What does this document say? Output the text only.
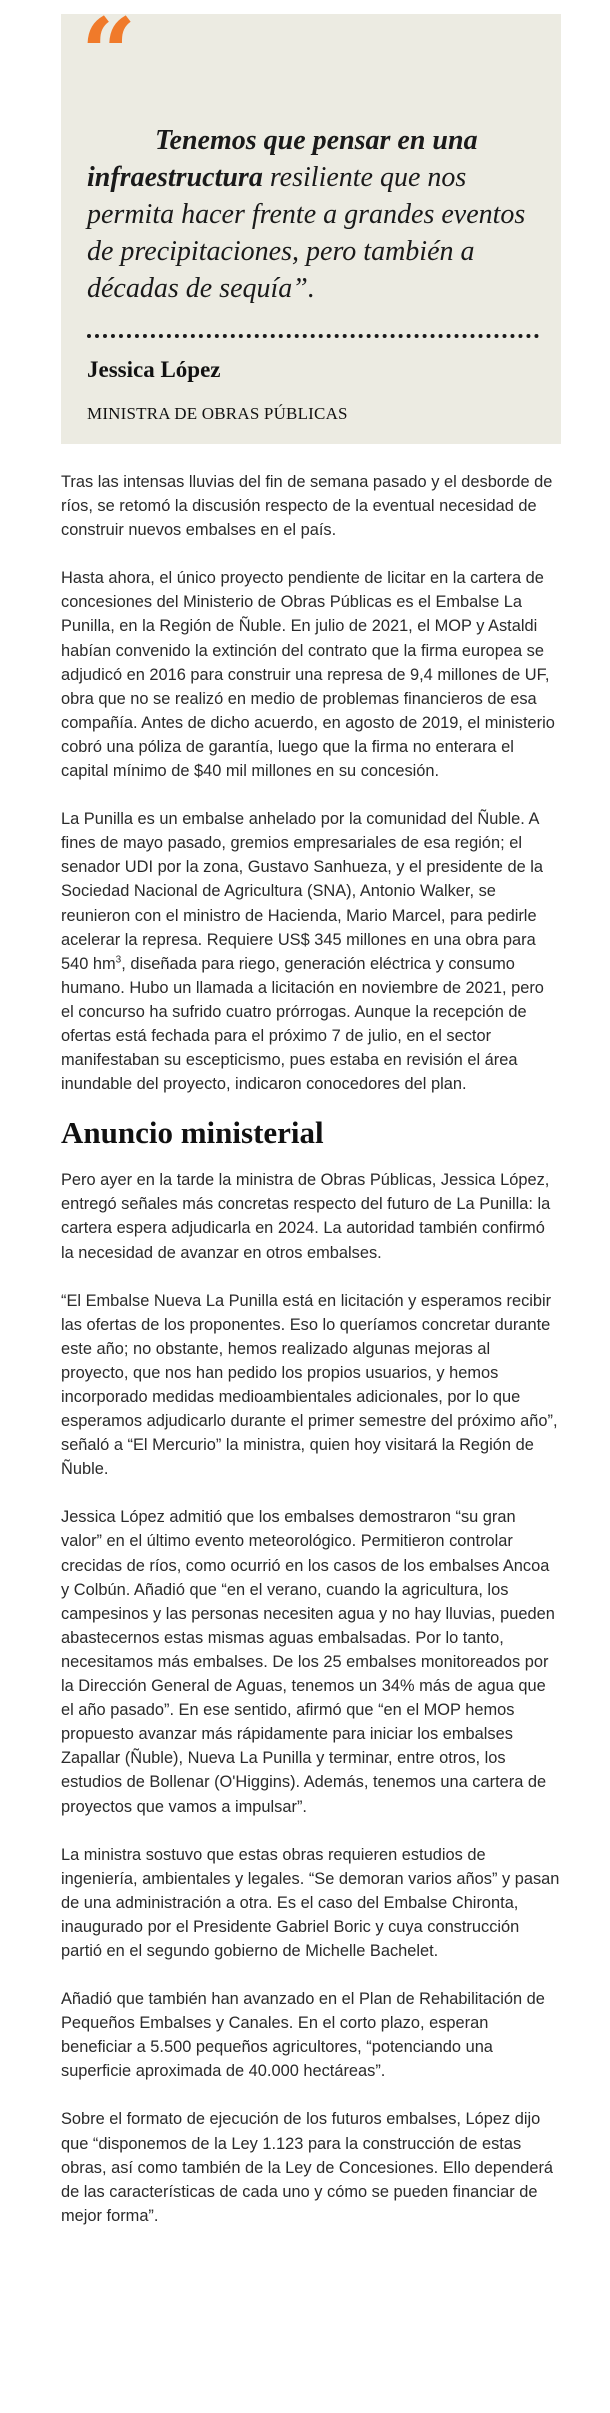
“
Tenemos que pensar en una infraestructura resiliente que nos permita hacer frente a grandes eventos de precipitaciones, pero también a décadas de sequía”.
Jessica López
MINISTRA DE OBRAS PÚBLICAS

Tras las intensas lluvias del fin de semana pasado y el desborde de ríos, se retomó la discusión respecto de la eventual necesidad de construir nuevos embalses en el país.

Hasta ahora, el único proyecto pendiente de licitar en la cartera de concesiones del Ministerio de Obras Públicas es el Embalse La Punilla, en la Región de Ñuble. En julio de 2021, el MOP y Astaldi habían convenido la extinción del contrato que la firma europea se adjudicó en 2016 para construir una represa de 9,4 millones de UF, obra que no se realizó en medio de problemas financieros de esa compañía. Antes de dicho acuerdo, en agosto de 2019, el ministerio cobró una póliza de garantía, luego que la firma no enterara el capital mínimo de $40 mil millones en su concesión.

La Punilla es un embalse anhelado por la comunidad del Ñuble. A fines de mayo pasado, gremios empresariales de esa región; el senador UDI por la zona, Gustavo Sanhueza, y el presidente de la Sociedad Nacional de Agricultura (SNA), Antonio Walker, se reunieron con el ministro de Hacienda, Mario Marcel, para pedirle acelerar la represa. Requiere US$ 345 millones en una obra para 540 $hm^3$, diseñada para riego, generación eléctrica y consumo humano. Hubo un llamada a licitación en noviembre de 2021, pero el concurso ha sufrido cuatro prórrogas. Aunque la recepción de ofertas está fechada para el próximo 7 de julio, en el sector manifestaban su escepticismo, pues estaba en revisión el área inundable del proyecto, indicaron conocedores del plan.

Anuncio ministerial

Pero ayer en la tarde la ministra de Obras Públicas, Jessica López, entregó señales más concretas respecto del futuro de La Punilla: la cartera espera adjudicarla en 2024. La autoridad también confirmó la necesidad de avanzar en otros embalses.

“El Embalse Nueva La Punilla está en licitación y esperamos recibir las ofertas de los proponentes. Eso lo queríamos concretar durante este año; no obstante, hemos realizado algunas mejoras al proyecto, que nos han pedido los propios usuarios, y hemos incorporado medidas medioambientales adicionales, por lo que esperamos adjudicarlo durante el primer semestre del próximo año”, señaló a “El Mercurio” la ministra, quien hoy visitará la Región de Ñuble.

Jessica López admitió que los embalses demostraron “su gran valor” en el último evento meteorológico. Permitieron controlar crecidas de ríos, como ocurrió en los casos de los embalses Ancoa y Colbún. Añadió que “en el verano, cuando la agricultura, los campesinos y las personas necesiten agua y no hay lluvias, pueden abastecernos estas mismas aguas embalsadas. Por lo tanto, necesitamos más embalses. De los 25 embalses monitoreados por la Dirección General de Aguas, tenemos un 34% más de agua que el año pasado”. En ese sentido, afirmó que “en el MOP hemos propuesto avanzar más rápidamente para iniciar los embalses Zapallar (Ñuble), Nueva La Punilla y terminar, entre otros, los estudios de Bollenar (O'Higgins). Además, tenemos una cartera de proyectos que vamos a impulsar”.

La ministra sostuvo que estas obras requieren estudios de ingeniería, ambientales y legales. “Se demoran varios años” y pasan de una administración a otra. Es el caso del Embalse Chironta, inaugurado por el Presidente Gabriel Boric y cuya construcción partió en el segundo gobierno de Michelle Bachelet.

Añadió que también han avanzado en el Plan de Rehabilitación de Pequeños Embalses y Canales. En el corto plazo, esperan beneficiar a 5.500 pequeños agricultores, “potenciando una superficie aproximada de 40.000 hectáreas”.

Sobre el formato de ejecución de los futuros embalses, López dijo que “disponemos de la Ley 1.123 para la construcción de estas obras, así como también de la Ley de Concesiones. Ello dependerá de las características de cada uno y cómo se pueden financiar de mejor forma”.
